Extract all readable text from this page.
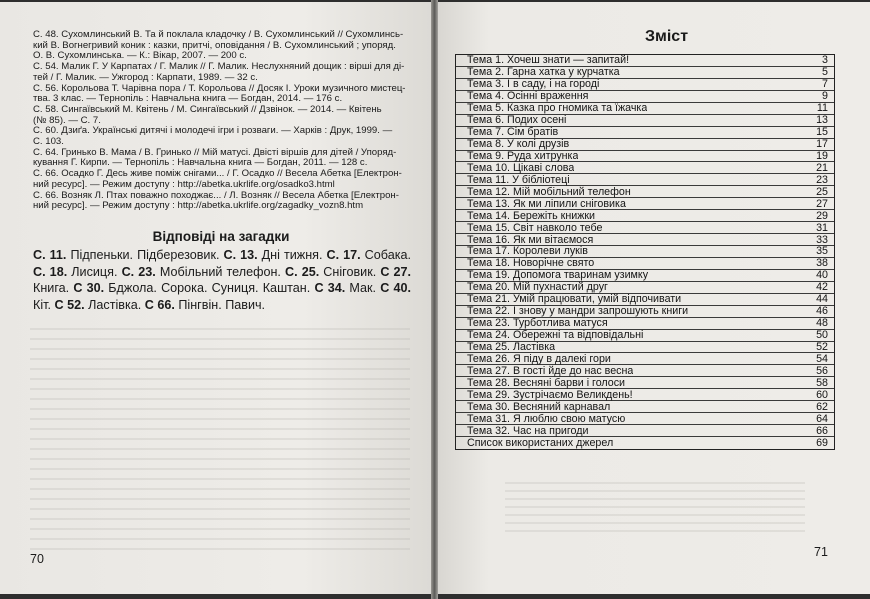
С. 48. Сухомлинський В. Та й поклала кладочку / В. Сухомлинський // Сухомлинсь-

кий В. Вогнегривий коник : казки, притчі, оповідання / В. Сухомлинський ; упоряд.

О. В. Сухомлинська. — К.: Вікар, 2007. — 200 с.

С. 54. Малик Г. У Карпатах / Г. Малик // Г. Малик. Неслухняний дощик : вірші для ді-

тей / Г. Малик. — Ужгород : Карпати, 1989. — 32 с.

С. 56. Корольова Т. Чарівна пора / Т. Корольова // Досяк І. Уроки музичного мистец-

тва. 3 клас. — Тернопіль : Навчальна книга — Богдан, 2014. — 176 с.

С. 58. Сингаївський М. Квітень / М. Сингаївський // Дзвінок. — 2014. — Квітень

(№ 85). — С. 7.

С. 60. Дзиґа. Українські дитячі і молодечі ігри і розваги. — Харків : Друк, 1999. —

С. 103.

С. 64. Гринько В. Мама / В. Гринько // Мій матусі. Двісті віршів для дітей / Упоряд-

кування Г. Кирпи. — Тернопіль : Навчальна книга — Богдан, 2011. — 128 с.

С. 66. Осадко Г. Десь живе поміж снігами... / Г. Осадко // Весела Абетка [Електрон-

ний ресурс]. — Режим доступу : http://abetka.ukrlife.org/osadko3.html

С. 66. Возняк Л. Птах поважно походжає... / Л. Возняк // Весела Абетка [Електрон-

ний ресурс]. — Режим доступу : http://abetka.ukrlife.org/zagadky_vozn8.htm

Відповіді на загадки
С. 11. Підпеньки. Підберезовик. С. 13. Дні тижня. С. 17. Собака. С. 18. Лисиця. С. 23. Мобільний телефон. С. 25. Сніговик. С 27. Книга. С 30. Бджола. Сорока. Суниця. Каштан. С 34. Мак. С 40. Кіт. С 52. Ластівка. С 66. Пінгвін. Павич.
70
Зміст
Тема 1. Хочеш знати — запитай!	3
Тема 2. Гарна хатка у курчатка	5
Тема 3. І в саду, і на городі	7
Тема 4. Осінні враження	9
Тема 5. Казка про гномика та їжачка	11
Тема 6. Подих осені	13
Тема 7. Сім братів	15
Тема 8. У колі друзів	17
Тема 9. Руда хитрунка	19
Тема 10. Цікаві слова	21
Тема 11. У бібліотеці	23
Тема 12. Мій мобільний телефон	25
Тема 13. Як ми ліпили сніговика	27
Тема 14. Бережіть книжки	29
Тема 15. Світ навколо тебе	31
Тема 16. Як ми вітаємося	33
Тема 17. Королеви луків	35
Тема 18. Новорічне свято	38
Тема 19. Допомога тваринам узимку	40
Тема 20. Мій пухнастий друг	42
Тема 21. Умій працювати, умій відпочивати	44
Тема 22. І знову у мандри запрошують книги	46
Тема 23. Турботлива матуся	48
Тема 24. Обережні та відповідальні	50
Тема 25. Ластівка	52
Тема 26. Я піду в далекі гори	54
Тема 27. В гості йде до нас весна	56
Тема 28. Весняні барви і голоси	58
Тема 29. Зустрічаємо Великдень!	60
Тема 30. Весняний карнавал	62
Тема 31. Я люблю свою матусю	64
Тема 32. Час на пригоди	66
Список використаних джерел	69
71
